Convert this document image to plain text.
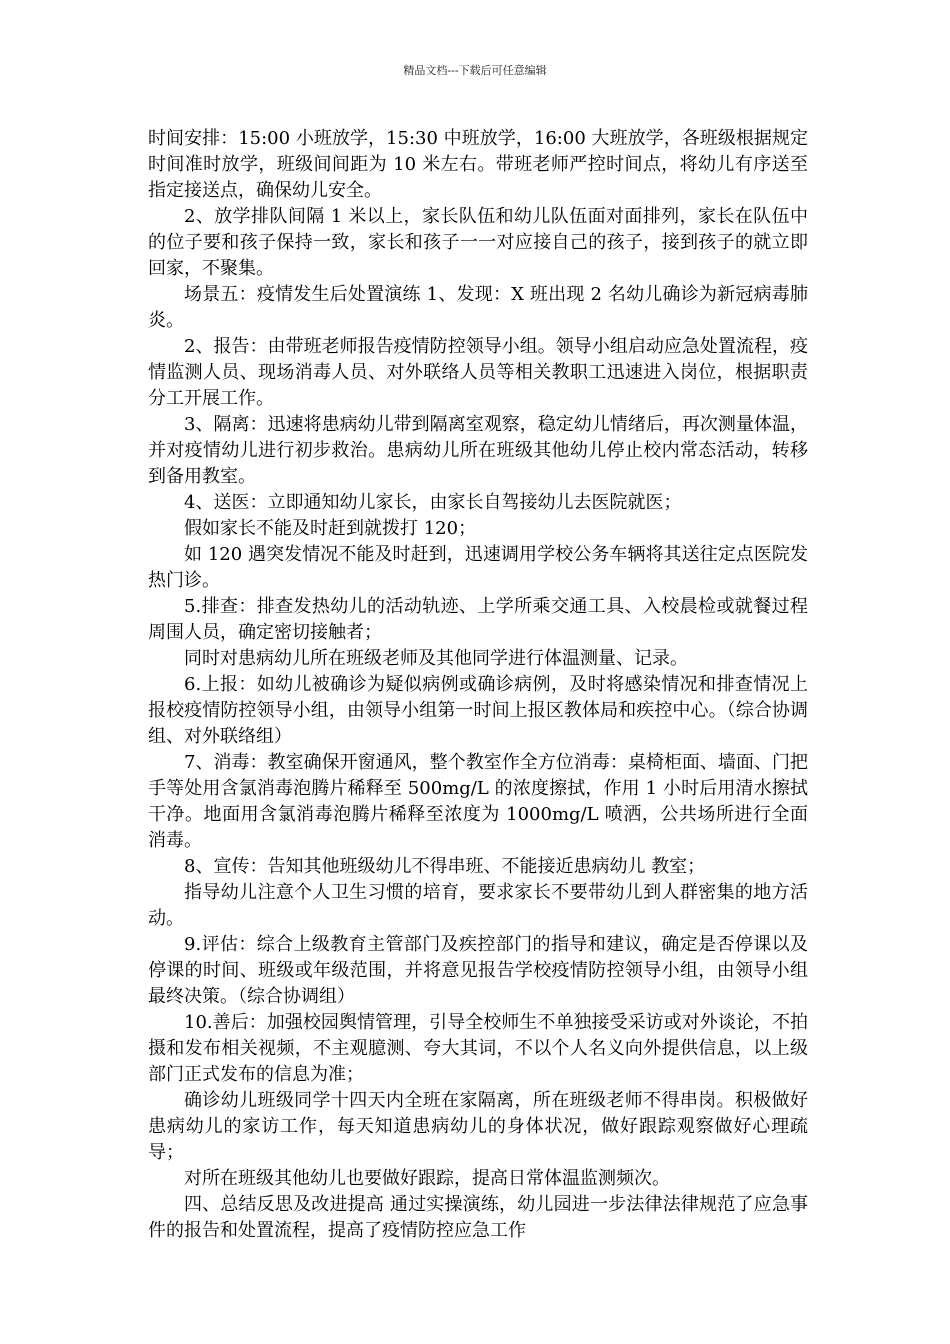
精品文档---下载后可任意编辑

时间安排：15:00 小班放学，15:30 中班放学，16:00 大班放学，各班级根据规定时间准时放学，班级间间距为 10 米左右。带班老师严控时间点，将幼儿有序送至指定接送点，确保幼儿安全。

2、放学排队间隔 1 米以上，家长队伍和幼儿队伍面对面排列，家长在队伍中的位子要和孩子保持一致，家长和孩子一一对应接自己的孩子，接到孩子的就立即回家，不聚集。

场景五：疫情发生后处置演练 1、发现：X 班出现 2 名幼儿确诊为新冠病毒肺炎。

2、报告：由带班老师报告疫情防控领导小组。领导小组启动应急处置流程，疫情监测人员、现场消毒人员、对外联络人员等相关教职工迅速进入岗位，根据职责分工开展工作。

3、隔离：迅速将患病幼儿带到隔离室观察，稳定幼儿情绪后，再次测量体温，并对疫情幼儿进行初步救治。患病幼儿所在班级其他幼儿停止校内常态活动，转移到备用教室。

4、送医：立即通知幼儿家长，由家长自驾接幼儿去医院就医；

假如家长不能及时赶到就拨打 120；

如 120 遇突发情况不能及时赶到，迅速调用学校公务车辆将其送往定点医院发热门诊。

5.排查：排查发热幼儿的活动轨迹、上学所乘交通工具、入校晨检或就餐过程周围人员，确定密切接触者；

同时对患病幼儿所在班级老师及其他同学进行体温测量、记录。

6.上报：如幼儿被确诊为疑似病例或确诊病例，及时将感染情况和排查情况上报校疫情防控领导小组，由领导小组第一时间上报区教体局和疾控中心。（综合协调组、对外联络组）

7、消毒：教室确保开窗通风，整个教室作全方位消毒：桌椅柜面、墙面、门把手等处用含氯消毒泡腾片稀释至 500mg/L 的浓度擦拭，作用 1 小时后用清水擦拭干净。地面用含氯消毒泡腾片稀释至浓度为 1000mg/L 喷洒，公共场所进行全面消毒。

8、宣传：告知其他班级幼儿不得串班、不能接近患病幼儿 教室；

指导幼儿注意个人卫生习惯的培育，要求家长不要带幼儿到人群密集的地方活动。

9.评估：综合上级教育主管部门及疾控部门的指导和建议，确定是否停课以及停课的时间、班级或年级范围，并将意见报告学校疫情防控领导小组，由领导小组最终决策。（综合协调组）

10.善后：加强校园舆情管理，引导全校师生不单独接受采访或对外谈论，不拍摄和发布相关视频，不主观臆测、夸大其词，不以个人名义向外提供信息，以上级部门正式发布的信息为准；

确诊幼儿班级同学十四天内全班在家隔离，所在班级老师不得串岗。积极做好患病幼儿的家访工作，每天知道患病幼儿的身体状况，做好跟踪观察做好心理疏导；

对所在班级其他幼儿也要做好跟踪，提高日常体温监测频次。

四、总结反思及改进提高 通过实操演练，幼儿园进一步法律法律规范了应急事件的报告和处置流程，提高了疫情防控应急工作
